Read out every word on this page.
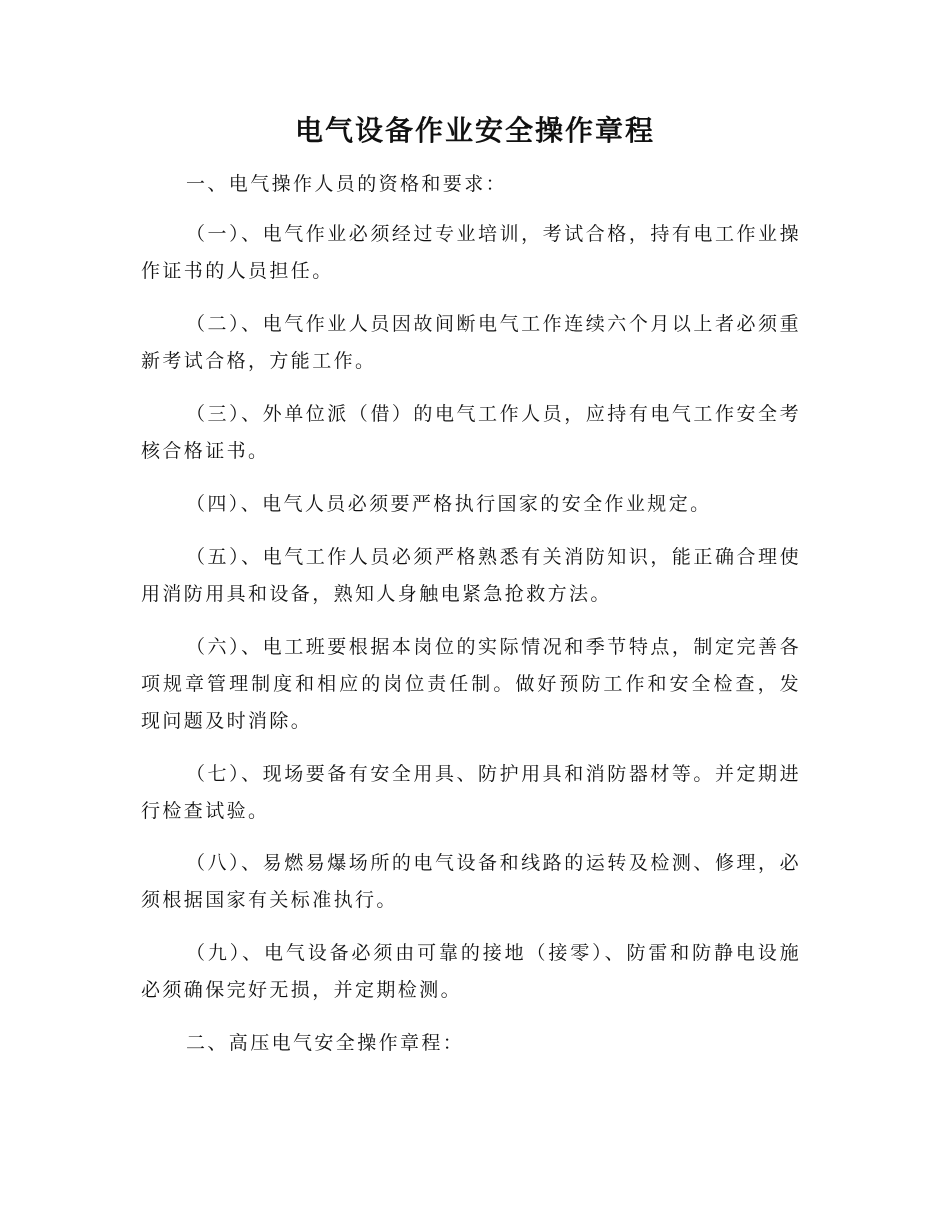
电气设备作业安全操作章程
一、电气操作人员的资格和要求：

（一）、电气作业必须经过专业培训，考试合格，持有电工作业操作证书的人员担任。

（二）、电气作业人员因故间断电气工作连续六个月以上者必须重新考试合格，方能工作。

（三）、外单位派（借）的电气工作人员，应持有电气工作安全考核合格证书。

（四）、电气人员必须要严格执行国家的安全作业规定。

（五）、电气工作人员必须严格熟悉有关消防知识，能正确合理使用消防用具和设备，熟知人身触电紧急抢救方法。

（六）、电工班要根据本岗位的实际情况和季节特点，制定完善各项规章管理制度和相应的岗位责任制。做好预防工作和安全检查，发现问题及时消除。

（七）、现场要备有安全用具、防护用具和消防器材等。并定期进行检查试验。

（八）、易燃易爆场所的电气设备和线路的运转及检测、修理，必须根据国家有关标准执行。

（九）、电气设备必须由可靠的接地（接零）、防雷和防静电设施必须确保完好无损，并定期检测。

二、高压电气安全操作章程：
